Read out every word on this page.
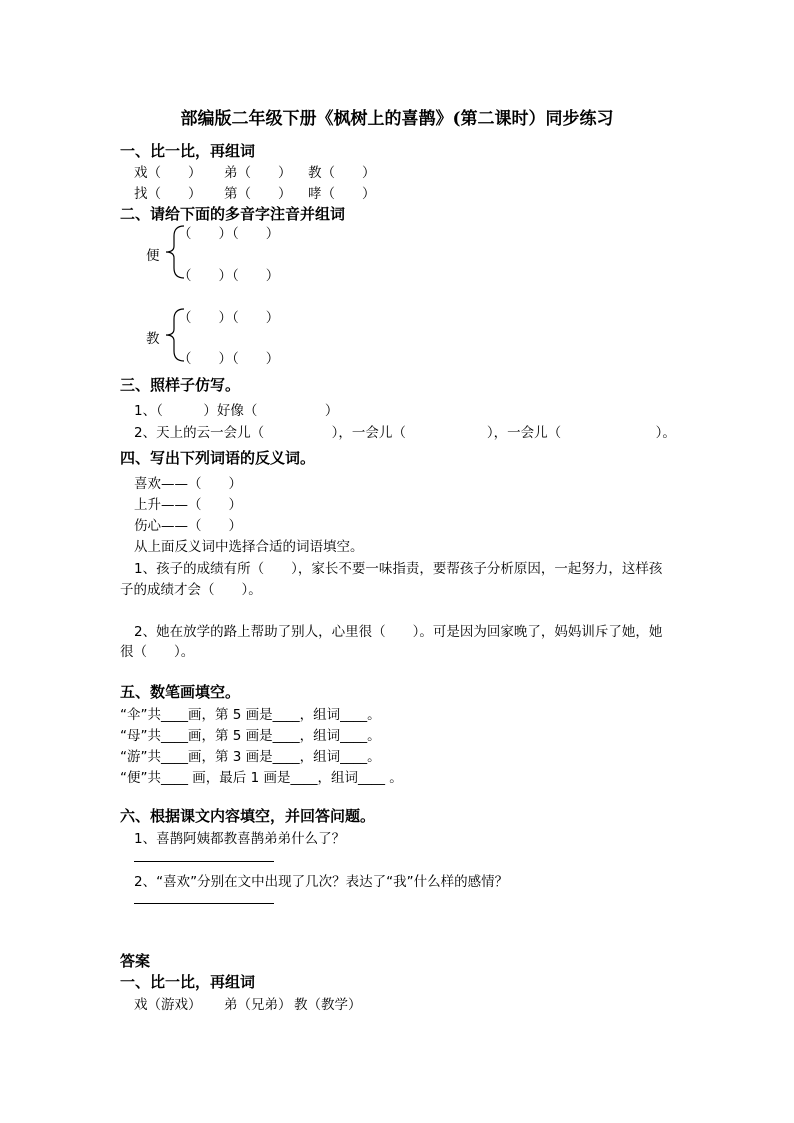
部编版二年级下册《枫树上的喜鹊》(第二课时）同步练习
一、比一比，再组词
戏（　　） 弟（　　） 教（　　）
找（　　） 第（　　） 哮（　　）
二、请给下面的多音字注音并组词
便
（　　）（　　）
（　　）（　　）
教
（　　）（　　）
（　　）（　　）
三、照样子仿写。
1、（　　　）好像（　　　　　）
2、天上的云一会儿（　　　　　），一会儿（　　　　　　），一会儿（　　　　　　　）。
四、写出下列词语的反义词。
喜欢——（　　）
上升——（　　）
伤心——（　　）
从上面反义词中选择合适的词语填空。
1、孩子的成绩有所（　　），家长不要一味指责，要帮孩子分析原因，一起努力，这样孩
子的成绩才会（　　）。
2、她在放学的路上帮助了别人，心里很（　　）。可是因为回家晚了，妈妈训斥了她，她
很（　　）。
五、数笔画填空。
“伞”共____画，第 5 画是____，组词____。
“母”共____画，第 5 画是____，组词____。
“游”共____画，第 3 画是____，组词____。
“便”共____ 画，最后 1 画是____，组词____ 。
六、根据课文内容填空，并回答问题。
1、喜鹊阿姨都教喜鹊弟弟什么了？
2、“喜欢”分别在文中出现了几次？表达了“我”什么样的感情？
答案
一、比一比，再组词
戏（游戏） 弟（兄弟） 教（教学）
